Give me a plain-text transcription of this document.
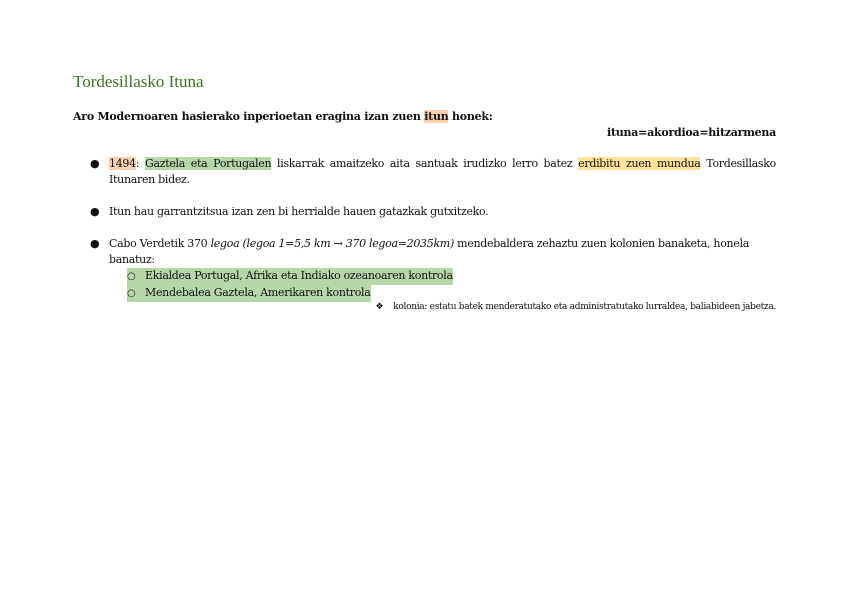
Tordesillasko Ituna
Aro Modernoaren hasierako inperioetan eragina izan zuen itun honek:
ituna=akordioa=hitzarmena
● 1494: Gaztela eta Portugalen liskarrak amaitzeko aita santuak irudizko lerro batez erdibitu zuen mundua Tordesillasko Itunaren bidez.
● Itun hau garrantzitsua izan zen bi herrialde hauen gatazkak gutxitzeko.
● Cabo Verdetik 370 legoa (legoa 1=5,5 km → 370 legoa=2035km) mendebaldera zehaztu zuen kolonien banaketa, honela banatuz:
○ Ekialdea Portugal, Afrika eta Indiako ozeanoaren kontrola
○ Mendebalea Gaztela, Amerikaren kontrola
❖ kolonia: estatu batek menderatutako eta administratutako lurraldea, baliabideen jabetza.
